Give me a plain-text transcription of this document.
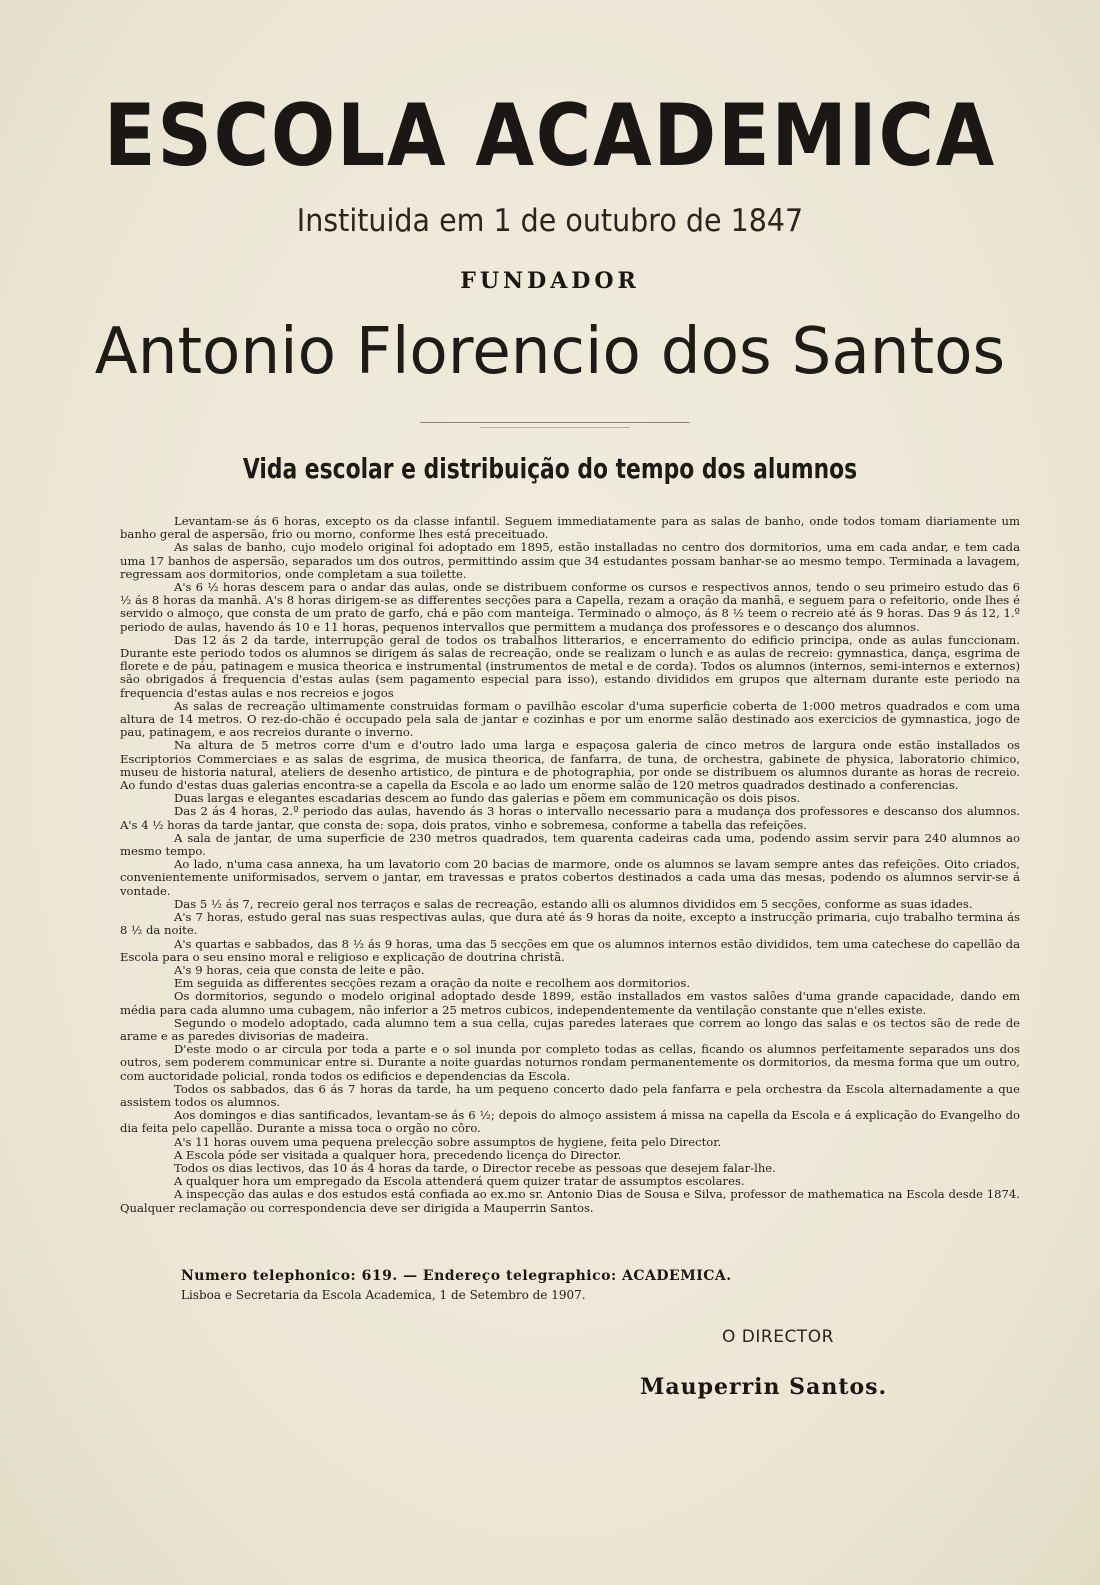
ESCOLA ACADEMICA
Instituida em 1 de outubro de 1847
FUNDADOR
Antonio Florencio dos Santos
Vida escolar e distribuição do tempo dos alumnos

Levantam-se ás 6 horas, excepto os da classe infantil. Seguem immediatamente para as salas de banho, onde todos tomam diariamente um banho geral de aspersão, frio ou morno, conforme lhes está preceituado.

As salas de banho, cujo modelo original foi adoptado em 1895, estão installadas no centro dos dormitorios, uma em cada andar, e tem cada uma 17 banhos de aspersão, separados um dos outros, permittindo assim que 34 estudantes possam banhar-se ao mesmo tempo. Terminada a lavagem, regressam aos dormitorios, onde completam a sua toilette.

A's 6 ½ horas descem para o andar das aulas, onde se distribuem conforme os cursos e respectivos annos, tendo o seu primeiro estudo das 6 ½ ás 8 horas da manhã. A's 8 horas dirigem-se as differentes secções para a Capella, rezam a oração da manhã, e seguem para o refeitorio, onde lhes é servido o almoço, que consta de um prato de garfo, chá e pão com manteiga. Terminado o almoço, ás 8 ½ teem o recreio até ás 9 horas. Das 9 ás 12, 1.º periodo de aulas, havendo ás 10 e 11 horas, pequenos intervallos que permittem a mudança dos professores e o descanço dos alumnos.

Das 12 ás 2 da tarde, interrupção geral de todos os trabalhos litterarios, e encerramento do edificio principa, onde as aulas funccionam. Durante este periodo todos os alumnos se dirigem ás salas de recreação, onde se realizam o lunch e as aulas de recreio: gymnastica, dança, esgrima de florete e de páu, patinagem e musica theorica e instrumental (instrumentos de metal e de corda). Todos os alumnos (internos, semi-internos e externos) são obrigados á frequencia d'estas aulas (sem pagamento especial para isso), estando divididos em grupos que alternam durante este periodo na frequencia d'estas aulas e nos recreios e jogos

As salas de recreação ultimamente construidas formam o pavilhão escolar d'uma superficie coberta de 1:000 metros quadrados e com uma altura de 14 metros. O rez-do-chão é occupado pela sala de jantar e cozinhas e por um enorme salão destinado aos exercicios de gymnastica, jogo de pau, patinagem, e aos recreios durante o inverno.

Na altura de 5 metros corre d'um e d'outro lado uma larga e espaçosa galeria de cinco metros de largura onde estão installados os Escriptorios Commerciaes e as salas de esgrima, de musica theorica, de fanfarra, de tuna, de orchestra, gabinete de physica, laboratorio chimico, museu de historia natural, ateliers de desenho artistico, de pintura e de photographia, por onde se distribuem os alumnos durante as horas de recreio. Ao fundo d'estas duas galerias encontra-se a capella da Escola e ao lado um enorme salão de 120 metros quadrados destinado a conferencias.

Duas largas e elegantes escadarias descem ao fundo das galerias e põem em communicação os dois pisos.

Das 2 ás 4 horas, 2.º periodo das aulas, havendo ás 3 horas o intervallo necessario para a mudança dos professores e descanso dos alumnos. A's 4 ½ horas da tarde jantar, que consta de: sopa, dois pratos, vinho e sobremesa, conforme a tabella das refeições.

A sala de jantar, de uma superficie de 230 metros quadrados, tem quarenta cadeiras cada uma, podendo assim servir para 240 alumnos ao mesmo tempo.

Ao lado, n'uma casa annexa, ha um lavatorio com 20 bacias de marmore, onde os alumnos se lavam sempre antes das refeições. Oito criados, convenientemente uniformisados, servem o jantar, em travessas e pratos cobertos destinados a cada uma das mesas, podendo os alumnos servir-se á vontade.

Das 5 ½ ás 7, recreio geral nos terraços e salas de recreação, estando alli os alumnos divididos em 5 secções, conforme as suas idades.

A's 7 horas, estudo geral nas suas respectivas aulas, que dura até ás 9 horas da noite, excepto a instrucção primaria, cujo trabalho termina ás 8 ½ da noite.

A's quartas e sabbados, das 8 ½ ás 9 horas, uma das 5 secções em que os alumnos internos estão divididos, tem uma catechese do capellão da Escola para o seu ensino moral e religioso e explicação de doutrina christã.

A's 9 horas, ceia que consta de leite e pão.

Em seguida as differentes secções rezam a oração da noite e recolhem aos dormitorios.

Os dormitorios, segundo o modelo original adoptado desde 1899, estão installados em vastos salões d'uma grande capacidade, dando em média para cada alumno uma cubagem, não inferior a 25 metros cubicos, independentemente da ventilação constante que n'elles existe.

Segundo o modelo adoptado, cada alumno tem a sua cella, cujas paredes lateraes que correm ao longo das salas e os tectos são de rede de arame e as paredes divisorias de madeira.

D'este modo o ar circula por toda a parte e o sol inunda por completo todas as cellas, ficando os alumnos perfeitamente separados uns dos outros, sem poderem communicar entre si. Durante a noite guardas noturnos rondam permanentemente os dormitorios, da mesma forma que um outro, com auctoridade policial, ronda todos os edificios e dependencias da Escola.

Todos os sabbados, das 6 ás 7 horas da tarde, ha um pequeno concerto dado pela fanfarra e pela orchestra da Escola alternadamente a que assistem todos os alumnos.

Aos domingos e dias santificados, levantam-se ás 6 ½; depois do almoço assistem á missa na capella da Escola e á explicação do Evangelho do dia feita pelo capellão. Durante a missa toca o orgão no côro.

A's 11 horas ouvem uma pequena prelecção sobre assumptos de hygiene, feita pelo Director.

A Escola póde ser visitada a qualquer hora, precedendo licença do Director.

Todos os dias lectivos, das 10 ás 4 horas da tarde, o Director recebe as pessoas que desejem falar-lhe.

A qualquer hora um empregado da Escola attenderá quem quizer tratar de assumptos escolares.

A inspecção das aulas e dos estudos está confiada ao ex.mo sr. Antonio Dias de Sousa e Silva, professor de mathematica na Escola desde 1874. Qualquer reclamação ou correspondencia deve ser dirigida a Mauperrin Santos.

Numero telephonico: 619. — Endereço telegraphico: ACADEMICA.
Lisboa e Secretaria da Escola Academica, 1 de Setembro de 1907.
O DIRECTOR
Mauperrin Santos.
